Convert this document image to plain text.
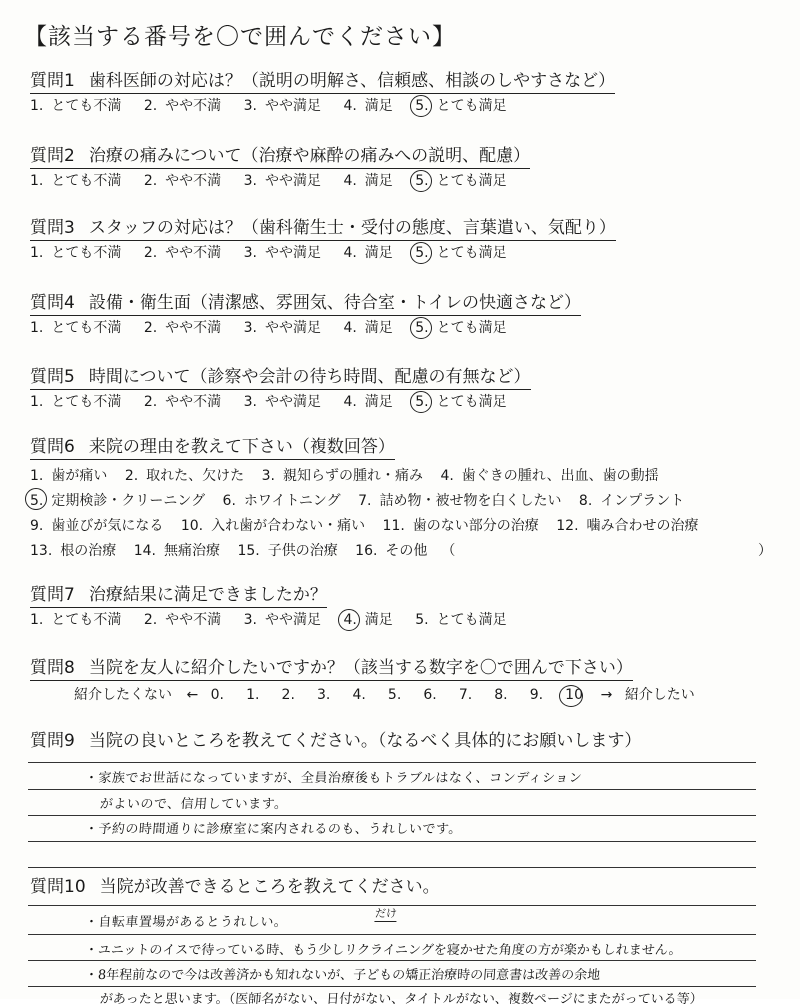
【該当する番号を〇で囲んでください】
質問1 歯科医師の対応は？（説明の明解さ、信頼感、相談のしやすさなど）
1. とても不満 2. やや不満 3. やや満足 4. 満足 5. とても満足
質問2 治療の痛みについて（治療や麻酔の痛みへの説明、配慮）
1. とても不満 2. やや不満 3. やや満足 4. 満足 5. とても満足
質問3 スタッフの対応は？（歯科衛生士・受付の態度、言葉遣い、気配り）
1. とても不満 2. やや不満 3. やや満足 4. 満足 5. とても満足
質問4 設備・衛生面（清潔感、雰囲気、待合室・トイレの快適さなど）
1. とても不満 2. やや不満 3. やや満足 4. 満足 5. とても満足
質問5 時間について（診察や会計の待ち時間、配慮の有無など）
1. とても不満 2. やや不満 3. やや満足 4. 満足 5. とても満足
質問6 来院の理由を教えて下さい（複数回答）
1. 歯が痛い 2. 取れた、欠けた 3. 親知らずの腫れ・痛み 4. 歯ぐきの腫れ、出血、歯の動揺
5. 定期検診・クリーニング 6. ホワイトニング 7. 詰め物・被せ物を白くしたい 8. インプラント
9. 歯並びが気になる 10. 入れ歯が合わない・痛い 11. 歯のない部分の治療 12. 噛み合わせの治療
13. 根の治療 14. 無痛治療 15. 子供の治療 16. その他 （	）
質問7 治療結果に満足できましたか？
1. とても不満 2. やや不満 3. やや満足 4. 満足 5. とても満足
質問8 当院を友人に紹介したいですか？（該当する数字を〇で囲んで下さい）
紹介したくない ← 0. 1. 2. 3. 4. 5. 6. 7. 8. 9. 10 → 紹介したい
質問9 当院の良いところを教えてください。（なるべく具体的にお願いします）
・家族でお世話になっていますが、全員治療後もトラブルはなく、コンディション
がよいので、信用しています。
・予約の時間通りに診療室に案内されるのも、うれしいです。
質問10 当院が改善できるところを教えてください。
・自転車置場があるとうれしい。
だけ
・ユニットのイスで待っている時、もう少しリクライニングを寝かせた角度の方が楽かもしれません。
・8年程前なので今は改善済かも知れないが、子どもの矯正治療時の同意書は改善の余地
があったと思います。（医師名がない、日付がない、タイトルがない、複数ページにまたがっている等）
